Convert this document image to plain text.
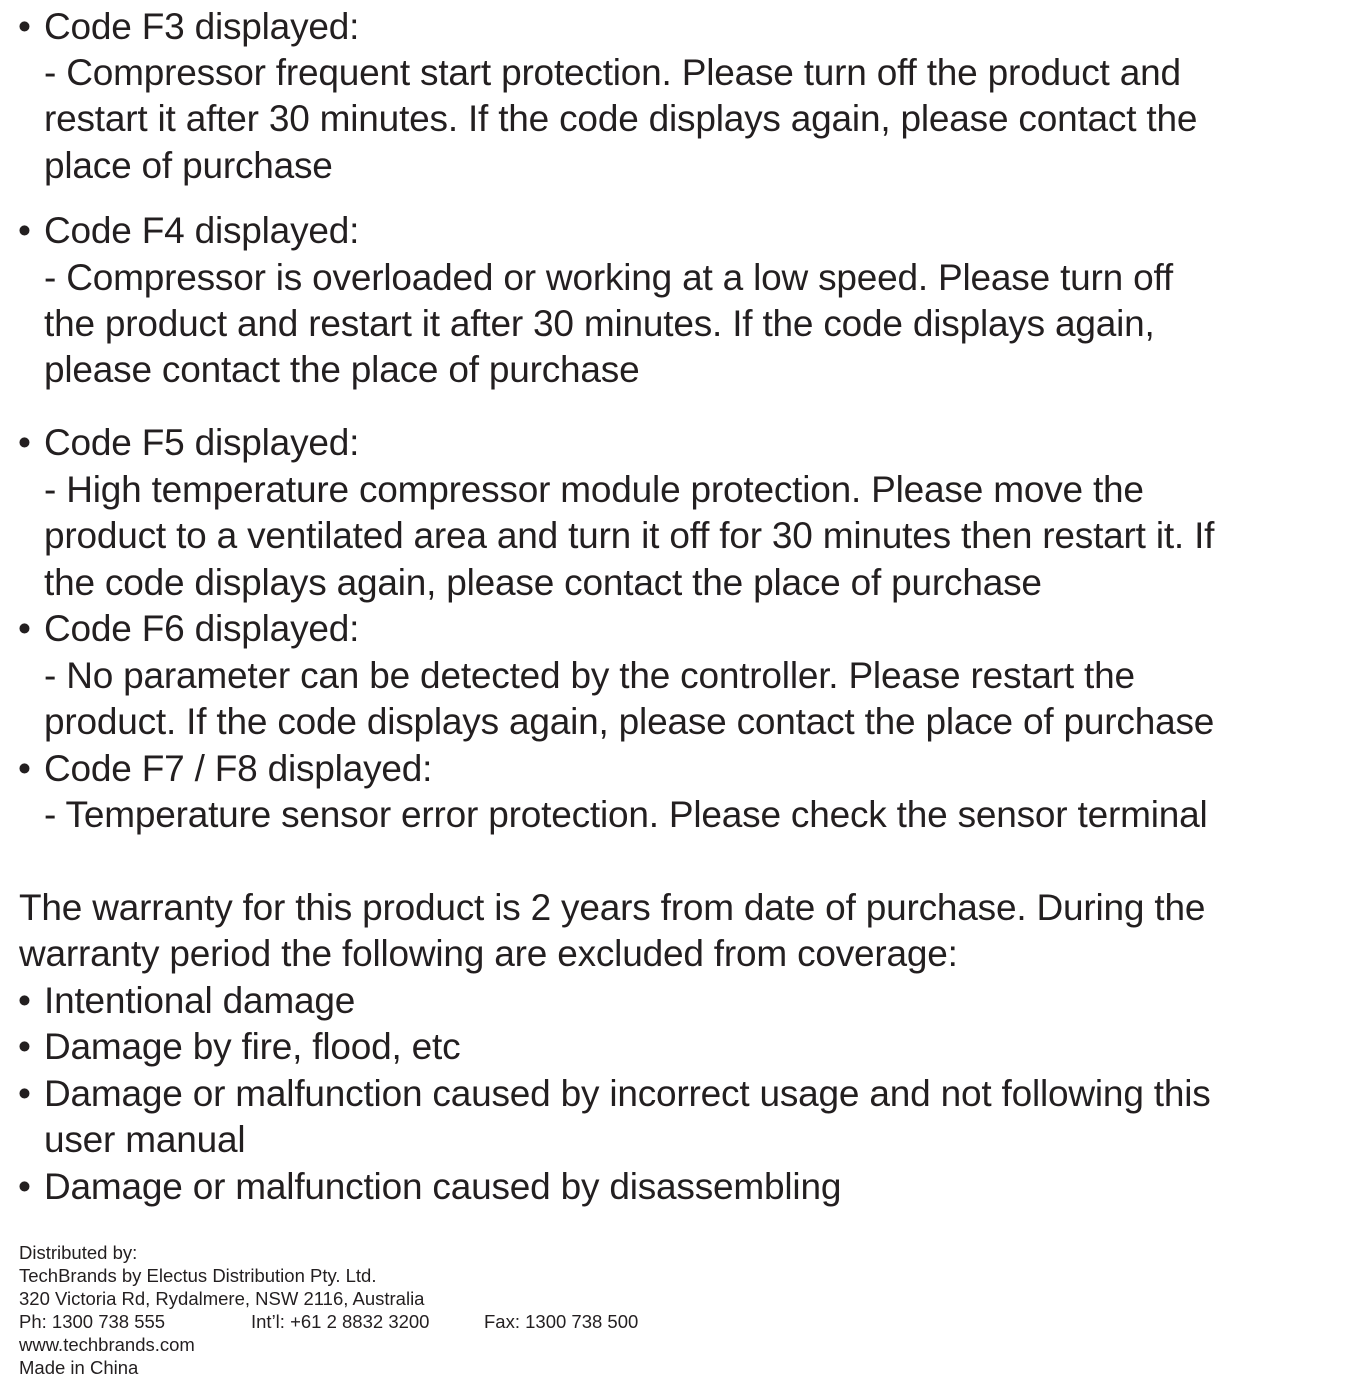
• Code F3 displayed:
- Compressor frequent start protection. Please turn off the product and
restart it after 30 minutes. If the code displays again, please contact the
place of purchase
• Code F4 displayed:
- Compressor is overloaded or working at a low speed. Please turn off
the product and restart it after 30 minutes. If the code displays again,
please contact the place of purchase
• Code F5 displayed:
- High temperature compressor module protection. Please move the
product to a ventilated area and turn it off for 30 minutes then restart it. If
the code displays again, please contact the place of purchase
• Code F6 displayed:
- No parameter can be detected by the controller. Please restart the
product. If the code displays again, please contact the place of purchase
• Code F7 / F8 displayed:
- Temperature sensor error protection. Please check the sensor terminal
The warranty for this product is 2 years from date of purchase. During the
warranty period the following are excluded from coverage:
• Intentional damage
• Damage by fire, flood, etc
• Damage or malfunction caused by incorrect usage and not following this
user manual
• Damage or malfunction caused by disassembling
Distributed by:
TechBrands by Electus Distribution Pty. Ltd.
320 Victoria Rd, Rydalmere, NSW 2116, Australia
Ph: 1300 738 555	Int’l: +61 2 8832 3200	Fax: 1300 738 500
www.techbrands.com
Made in China
